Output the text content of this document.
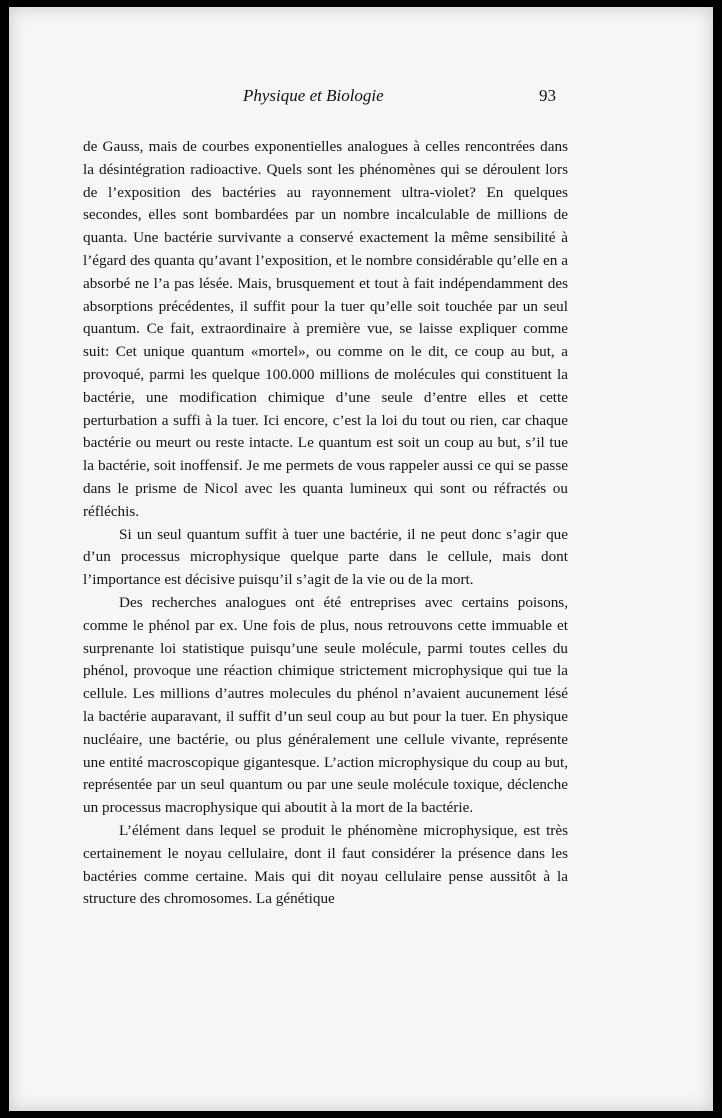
Physique et Biologie	93

de Gauss, mais de courbes exponentielles analogues à celles rencontrées dans la désintégration radioactive. Quels sont les phénomènes qui se déroulent lors de l’exposition des bactéries au rayonnement ultra-violet? En quelques secondes, elles sont bombardées par un nombre incalculable de millions de quanta. Une bactérie survivante a conservé exactement la même sensibilité à l’égard des quanta qu’avant l’exposition, et le nombre considérable qu’elle en a absorbé ne l’a pas lésée. Mais, brusquement et tout à fait indépendamment des absorptions précédentes, il suffit pour la tuer qu’elle soit touchée par un seul quantum. Ce fait, extraordinaire à première vue, se laisse expliquer comme suit: Cet unique quantum «mortel», ou comme on le dit, ce coup au but, a provoqué, parmi les quelque 100.000 millions de molécules qui constituent la bactérie, une modification chimique d’une seule d’entre elles et cette perturbation a suffi à la tuer. Ici encore, c’est la loi du tout ou rien, car chaque bactérie ou meurt ou reste intacte. Le quantum est soit un coup au but, s’il tue la bactérie, soit inoffensif. Je me permets de vous rappeler aussi ce qui se passe dans le prisme de Nicol avec les quanta lumineux qui sont ou réfractés ou réfléchis.

Si un seul quantum suffit à tuer une bactérie, il ne peut donc s’agir que d’un processus microphysique quelque parte dans le cellule, mais dont l’importance est décisive puisqu’il s’agit de la vie ou de la mort.

Des recherches analogues ont été entreprises avec certains poisons, comme le phénol par ex. Une fois de plus, nous retrouvons cette immuable et surprenante loi statistique puisqu’une seule molécule, parmi toutes celles du phénol, provoque une réaction chimique strictement microphysique qui tue la cellule. Les millions d’autres molecules du phénol n’avaient aucunement lésé la bactérie auparavant, il suffit d’un seul coup au but pour la tuer. En physique nucléaire, une bactérie, ou plus généralement une cellule vivante, représente une entité macroscopique gigantesque. L’action microphysique du coup au but, représentée par un seul quantum ou par une seule molécule toxique, déclenche un processus macrophysique qui aboutit à la mort de la bactérie.

L’élément dans lequel se produit le phénomène microphysique, est très certainement le noyau cellulaire, dont il faut considérer la présence dans les bactéries comme certaine. Mais qui dit noyau cellulaire pense aussitôt à la structure des chromosomes. La génétique
